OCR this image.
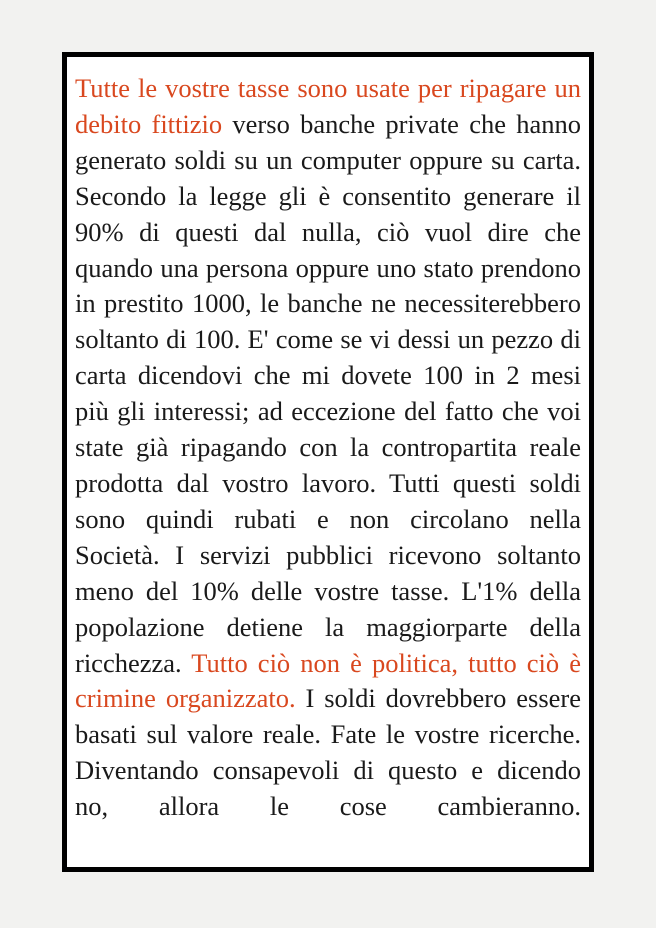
Tutte le vostre tasse sono usate per ripagare un debito fittizio verso banche private che hanno generato soldi su un computer oppure su carta. Secondo la legge gli è consentito generare il 90% di questi dal nulla, ciò vuol dire che quando una persona oppure uno stato prendono in prestito 1000, le banche ne necessiterebbero soltanto di 100. E' come se vi dessi un pezzo di carta dicendovi che mi dovete 100 in 2 mesi più gli interessi; ad eccezione del fatto che voi state già ripagando con la contropartita reale prodotta dal vostro lavoro. Tutti questi soldi sono quindi rubati e non circolano nella Società. I servizi pubblici ricevono soltanto meno del 10% delle vostre tasse. L'1% della popolazione detiene la maggiorparte della ricchezza. Tutto ciò non è politica, tutto ciò è crimine organizzato. I soldi dovrebbero essere basati sul valore reale. Fate le vostre ricerche. Diventando consapevoli di questo e dicendo no, allora le cose cambieranno.
